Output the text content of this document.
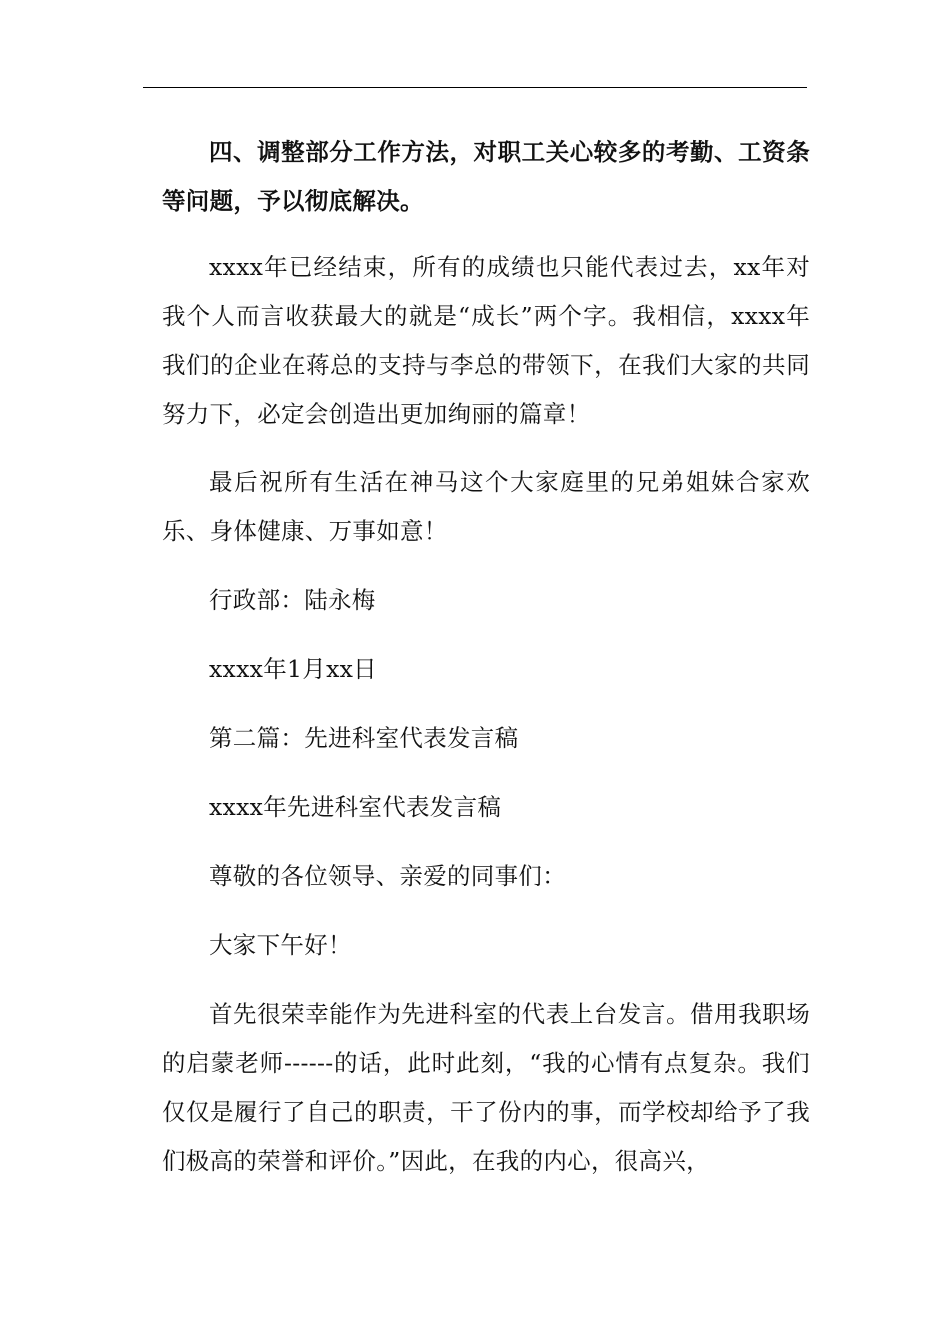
四、调整部分工作方法，对职工关心较多的考勤、工资条等问题，予以彻底解决。

xxxx年已经结束，所有的成绩也只能代表过去，xx年对我个人而言收获最大的就是“成长”两个字。我相信，xxxx年我们的企业在蒋总的支持与李总的带领下，在我们大家的共同努力下，必定会创造出更加绚丽的篇章！

最后祝所有生活在神马这个大家庭里的兄弟姐妹合家欢乐、身体健康、万事如意！

行政部：陆永梅

xxxx年1月xx日

第二篇：先进科室代表发言稿

xxxx年先进科室代表发言稿

尊敬的各位领导、亲爱的同事们：

大家下午好！

首先很荣幸能作为先进科室的代表上台发言。借用我职场的启蒙老师------的话，此时此刻，“我的心情有点复杂。我们仅仅是履行了自己的职责，干了份内的事，而学校却给予了我们极高的荣誉和评价。”因此，在我的内心，很高兴，
